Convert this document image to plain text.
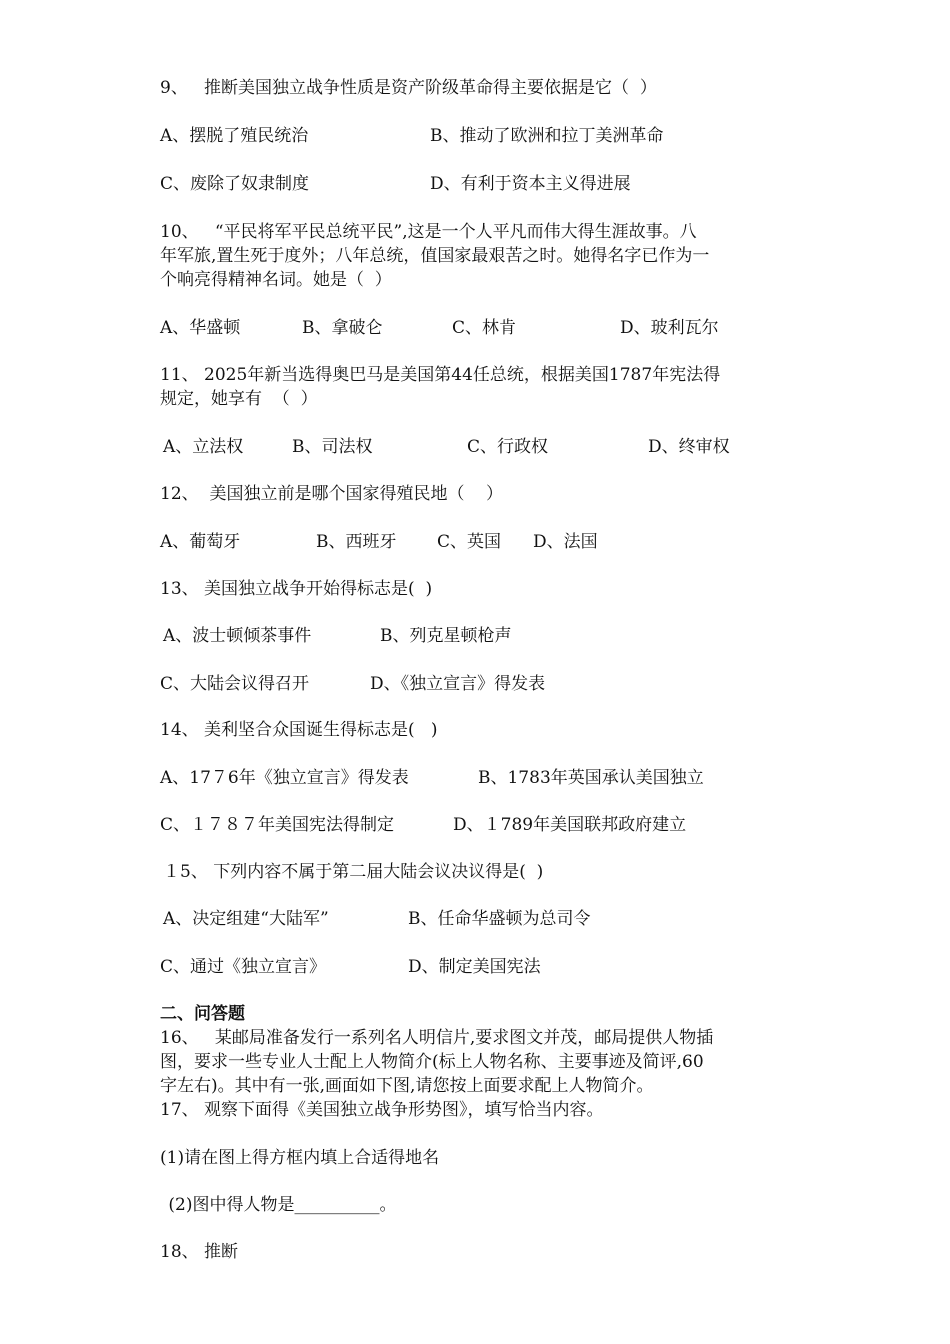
9、   推断美国独立战争性质是资产阶级革命得主要依据是它（  ）
A、摆脱了殖民统治	B、推动了欧洲和拉丁美洲革命
C、废除了奴隶制度	D、有利于资本主义得进展
10、   “平民将军平民总统平民”,这是一个人平凡而伟大得生涯故事。八
年军旅,置生死于度外；八年总统，值国家最艰苦之时。她得名字已作为一
个响亮得精神名词。她是（  ）
A、华盛顿	B、拿破仑	C、林肯	D、玻利瓦尔
11、 2025年新当选得奥巴马是美国第44任总统，根据美国1787年宪法得
规定，她享有  （  ）
A、立法权	B、司法权	C、行政权	D、终审权
12、  美国独立前是哪个国家得殖民地（    ）
A、葡萄牙	B、西班牙 C、英国 D、法国
13、 美国独立战争开始得标志是(  )
A、波士顿倾茶事件	B、列克星顿枪声
C、大陆会议得召开	D、《独立宣言》得发表
14、 美利坚合众国诞生得标志是(   )
A、17７6年《独立宣言》得发表	B、1783年英国承认美国独立
C、１７８７年美国宪法得制定	D、１789年美国联邦政府建立
１5、 下列内容不属于第二届大陆会议决议得是(  )
A、决定组建“大陆军”	B、任命华盛顿为总司令
C、通过《独立宣言》	D、制定美国宪法
二、问答题
16、   某邮局准备发行一系列名人明信片,要求图文并茂，邮局提供人物插
图，要求一些专业人士配上人物简介(标上人物名称、主要事迹及简评,60
字左右)。其中有一张,画面如下图,请您按上面要求配上人物简介。
17、 观察下面得《美国独立战争形势图》，填写恰当内容。
(1)请在图上得方框内填上合适得地名
(2)图中得人物是__________。
18、 推断
